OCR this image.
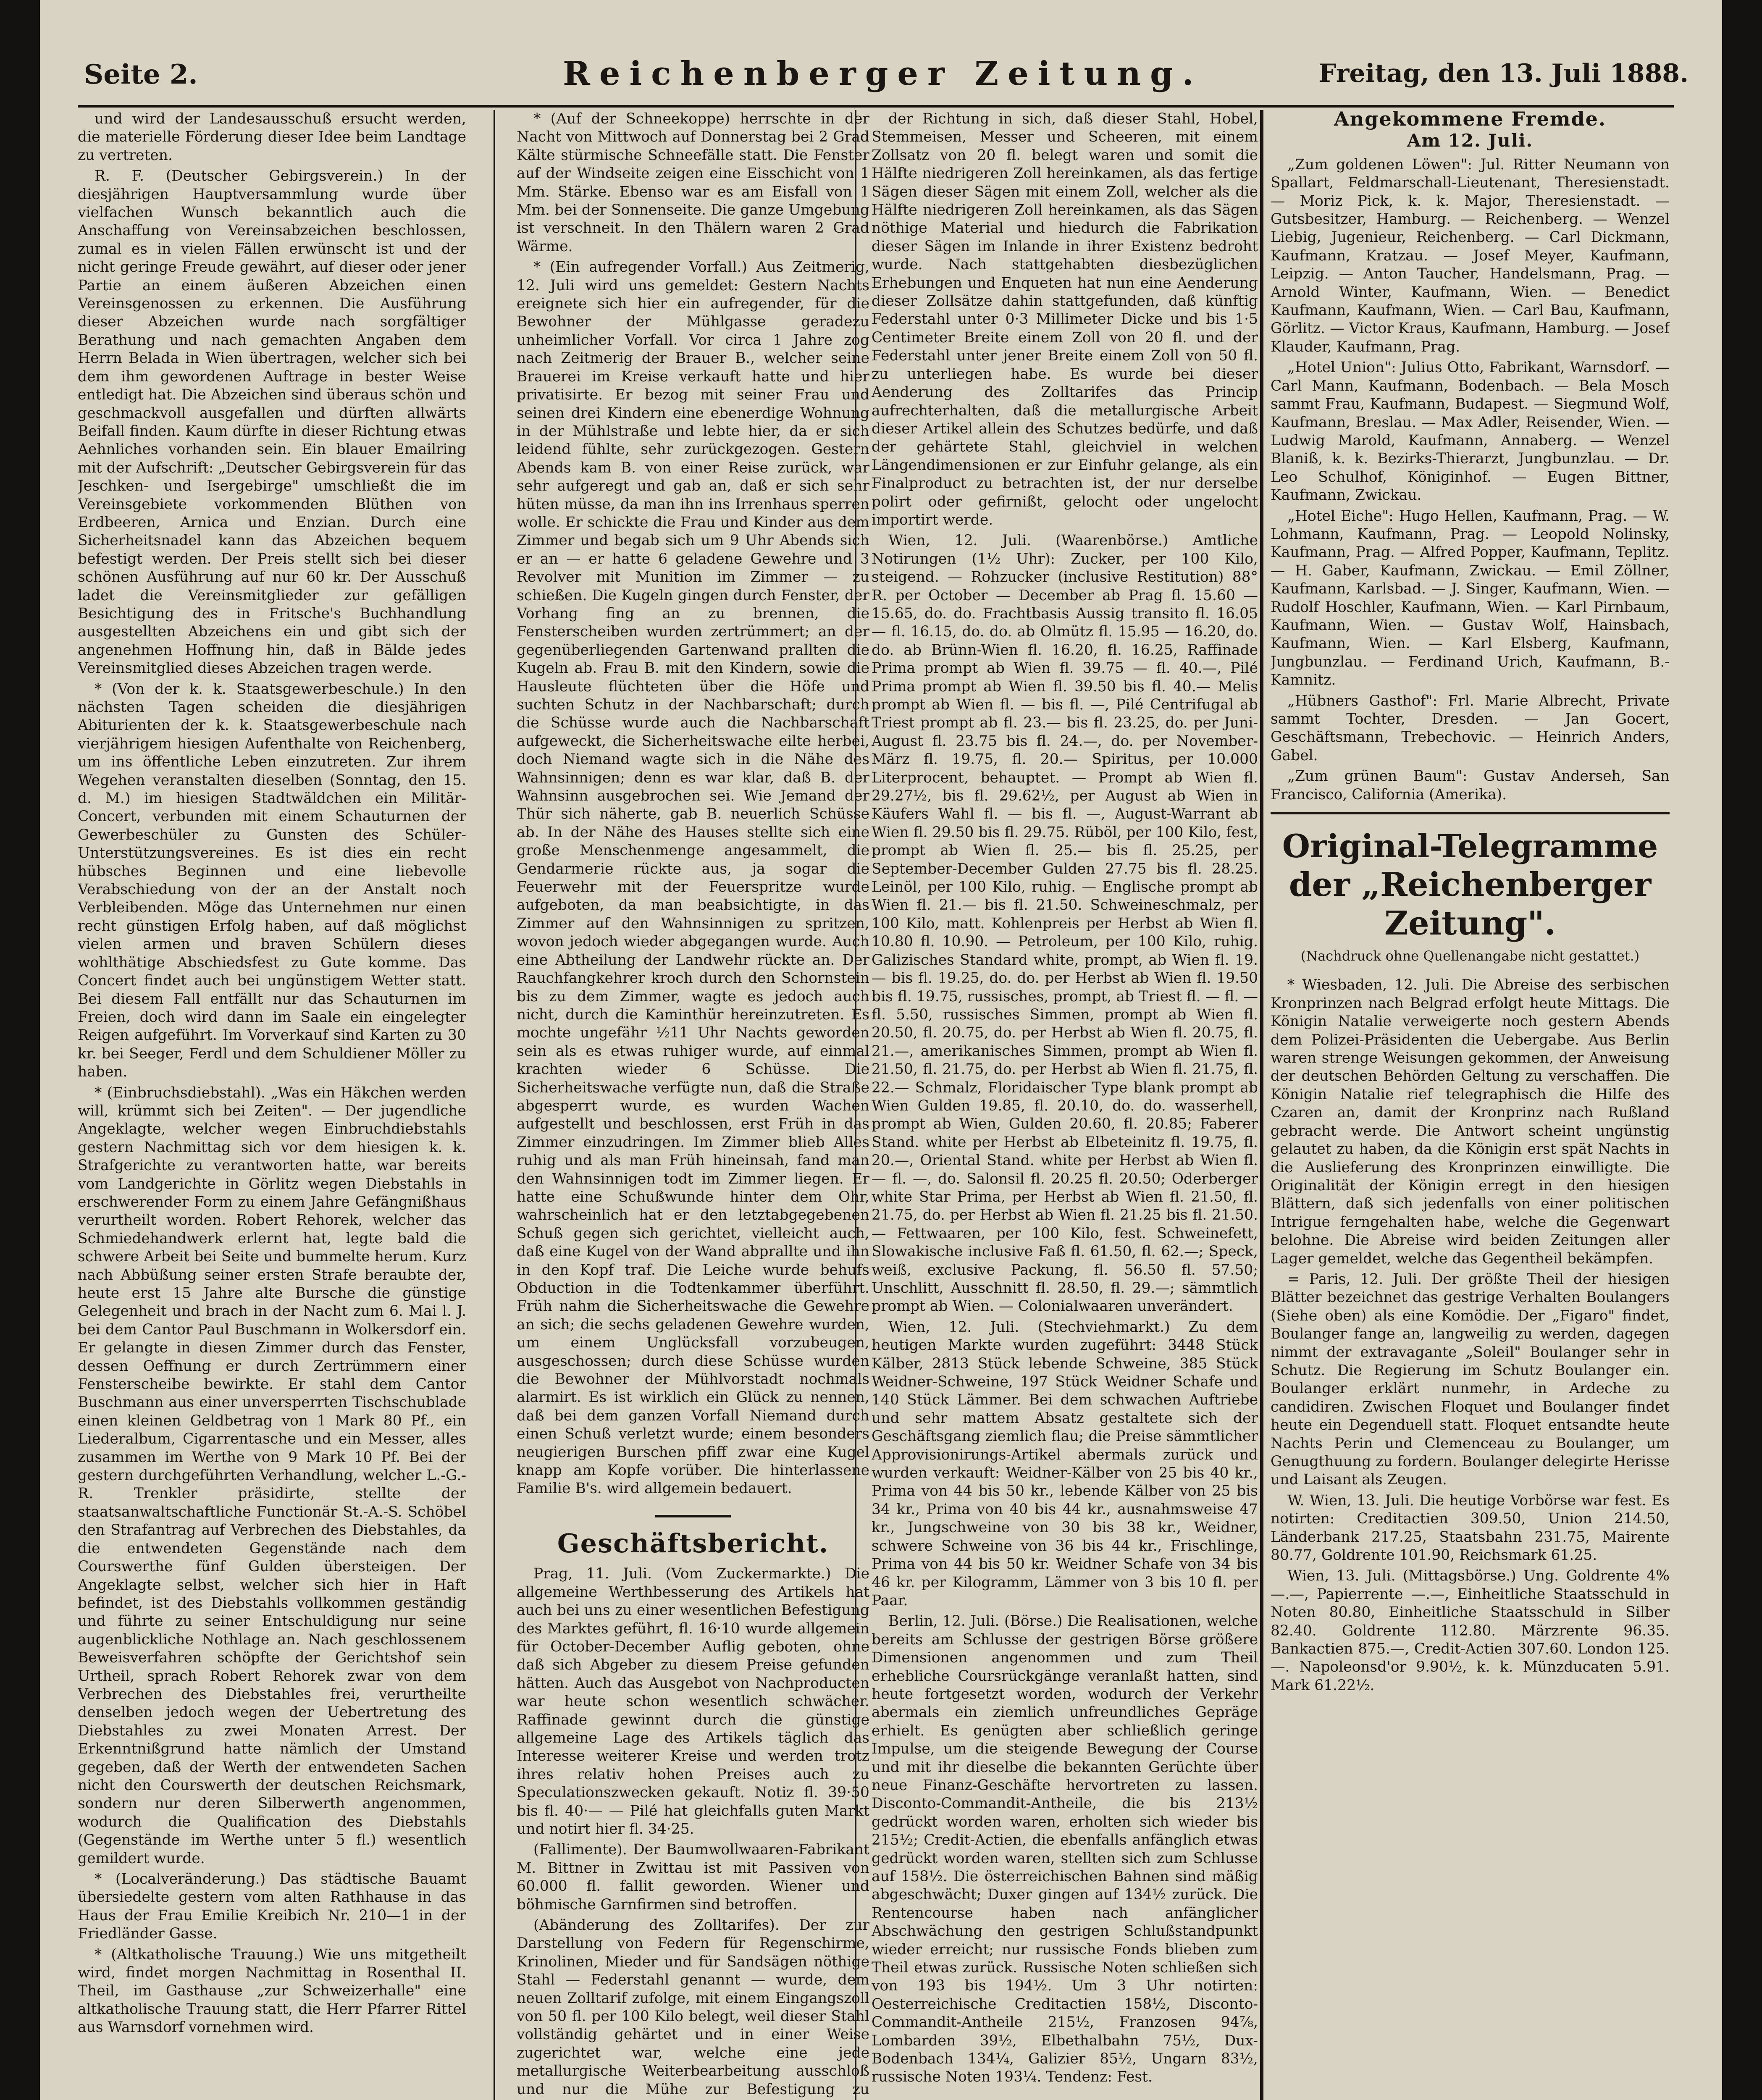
Seite 2.	Reichenberger Zeitung.	Freitag, den 13. Juli 1888.

und wird der Landesausschuß ersucht werden, die materielle Förderung dieser Idee beim Landtage zu vertreten.

R. F. (Deutscher Gebirgsverein.) In der diesjährigen Hauptversammlung wurde über vielfachen Wunsch bekanntlich auch die Anschaffung von Vereinsabzeichen beschlossen, zumal es in vielen Fällen erwünscht ist und der nicht geringe Freude gewährt, auf dieser oder jener Partie an einem äußeren Abzeichen einen Vereinsgenossen zu erkennen. Die Ausführung dieser Abzeichen wurde nach sorgfältiger Berathung und nach gemachten Angaben dem Herrn Belada in Wien übertragen, welcher sich bei dem ihm gewordenen Auftrage in bester Weise entledigt hat. Die Abzeichen sind überaus schön und geschmackvoll ausgefallen und dürften allwärts Beifall finden. Kaum dürfte in dieser Richtung etwas Aehnliches vorhanden sein. Ein blauer Emailring mit der Aufschrift: „Deutscher Gebirgsverein für das Jeschken- und Isergebirge" umschließt die im Vereinsgebiete vorkommenden Blüthen von Erdbeeren, Arnica und Enzian. Durch eine Sicherheitsnadel kann das Abzeichen bequem befestigt werden. Der Preis stellt sich bei dieser schönen Ausführung auf nur 60 kr. Der Ausschuß ladet die Vereinsmitglieder zur gefälligen Besichtigung des in Fritsche's Buchhandlung ausgestellten Abzeichens ein und gibt sich der angenehmen Hoffnung hin, daß in Bälde jedes Vereinsmitglied dieses Abzeichen tragen werde.

* (Von der k. k. Staatsgewerbeschule.) In den nächsten Tagen scheiden die diesjährigen Abiturienten der k. k. Staatsgewerbeschule nach vierjährigem hiesigen Aufenthalte von Reichenberg, um ins öffentliche Leben einzutreten. Zur ihrem Wegehen veranstalten dieselben (Sonntag, den 15. d. M.) im hiesigen Stadtwäldchen ein Militär-Concert, verbunden mit einem Schauturnen der Gewerbeschüler zu Gunsten des Schüler-Unterstützungsvereines. Es ist dies ein recht hübsches Beginnen und eine liebevolle Verabschiedung von der an der Anstalt noch Verbleibenden. Möge das Unternehmen nur einen recht günstigen Erfolg haben, auf daß möglichst vielen armen und braven Schülern dieses wohlthätige Abschiedsfest zu Gute komme. Das Concert findet auch bei ungünstigem Wetter statt. Bei diesem Fall entfällt nur das Schauturnen im Freien, doch wird dann im Saale ein eingelegter Reigen aufgeführt. Im Vorverkauf sind Karten zu 30 kr. bei Seeger, Ferdl und dem Schuldiener Möller zu haben.

* (Einbruchsdiebstahl). „Was ein Häkchen werden will, krümmt sich bei Zeiten". — Der jugendliche Angeklagte, welcher wegen Einbruchdiebstahls gestern Nachmittag sich vor dem hiesigen k. k. Strafgerichte zu verantworten hatte, war bereits vom Landgerichte in Görlitz wegen Diebstahls in erschwerender Form zu einem Jahre Gefängnißhaus verurtheilt worden. Robert Rehorek, welcher das Schmiedehandwerk erlernt hat, legte bald die schwere Arbeit bei Seite und bummelte herum. Kurz nach Abbüßung seiner ersten Strafe beraubte der, heute erst 15 Jahre alte Bursche die günstige Gelegenheit und brach in der Nacht zum 6. Mai l. J. bei dem Cantor Paul Buschmann in Wolkersdorf ein. Er gelangte in diesen Zimmer durch das Fenster, dessen Oeffnung er durch Zertrümmern einer Fensterscheibe bewirkte. Er stahl dem Cantor Buschmann aus einer unversperrten Tischschublade einen kleinen Geldbetrag von 1 Mark 80 Pf., ein Liederalbum, Cigarrentasche und ein Messer, alles zusammen im Werthe von 9 Mark 10 Pf. Bei der gestern durchgeführten Verhandlung, welcher L.-G.-R. Trenkler präsidirte, stellte der staatsanwaltschaftliche Functionär St.-A.-S. Schöbel den Strafantrag auf Verbrechen des Diebstahles, da die entwendeten Gegenstände nach dem Courswerthe fünf Gulden übersteigen. Der Angeklagte selbst, welcher sich hier in Haft befindet, ist des Diebstahls vollkommen geständig und führte zu seiner Entschuldigung nur seine augenblickliche Nothlage an. Nach geschlossenem Beweisverfahren schöpfte der Gerichtshof sein Urtheil, sprach Robert Rehorek zwar von dem Verbrechen des Diebstahles frei, verurtheilte denselben jedoch wegen der Uebertretung des Diebstahles zu zwei Monaten Arrest. Der Erkenntnißgrund hatte nämlich der Umstand gegeben, daß der Werth der entwendeten Sachen nicht den Courswerth der deutschen Reichsmark, sondern nur deren Silberwerth angenommen, wodurch die Qualification des Diebstahls (Gegenstände im Werthe unter 5 fl.) wesentlich gemildert wurde.

* (Localveränderung.) Das städtische Bauamt übersiedelte gestern vom alten Rathhause in das Haus der Frau Emilie Kreibich Nr. 210—1 in der Friedländer Gasse.

* (Altkatholische Trauung.) Wie uns mitgetheilt wird, findet morgen Nachmittag in Rosenthal II. Theil, im Gasthause „zur Schweizerhalle" eine altkatholische Trauung statt, die Herr Pfarrer Rittel aus Warnsdorf vornehmen wird.

* (Auf der Schneekoppe) herrschte in der Nacht von Mittwoch auf Donnerstag bei 2 Grad Kälte stürmische Schneefälle statt. Die Fenster auf der Windseite zeigen eine Eisschicht von 1 Mm. Stärke. Ebenso war es am Eisfall von 1 Mm. bei der Sonnenseite. Die ganze Umgebung ist verschneit. In den Thälern waren 2 Grad Wärme.

* (Ein aufregender Vorfall.) Aus Zeitmerig, 12. Juli wird uns gemeldet: Gestern Nachts ereignete sich hier ein aufregender, für die Bewohner der Mühlgasse geradezu unheimlicher Vorfall. Vor circa 1 Jahre zog nach Zeitmerig der Brauer B., welcher seine Brauerei im Kreise verkauft hatte und hier privatisirte. Er bezog mit seiner Frau und seinen drei Kindern eine ebenerdige Wohnung in der Mühlstraße und lebte hier, da er sich leidend fühlte, sehr zurückgezogen. Gestern Abends kam B. von einer Reise zurück, war sehr aufgeregt und gab an, daß er sich sehr hüten müsse, da man ihn ins Irrenhaus sperren wolle. Er schickte die Frau und Kinder aus dem Zimmer und begab sich um 9 Uhr Abends sich er an — er hatte 6 geladene Gewehre und 3 Revolver mit Munition im Zimmer — zu schießen. Die Kugeln gingen durch Fenster, der Vorhang fing an zu brennen, die Fensterscheiben wurden zertrümmert; an der gegenüberliegenden Gartenwand prallten die Kugeln ab. Frau B. mit den Kindern, sowie die Hausleute flüchteten über die Höfe und suchten Schutz in der Nachbarschaft; durch die Schüsse wurde auch die Nachbarschaft aufgeweckt, die Sicherheitswache eilte herbei, doch Niemand wagte sich in die Nähe des Wahnsinnigen; denn es war klar, daß B. der Wahnsinn ausgebrochen sei. Wie Jemand der Thür sich näherte, gab B. neuerlich Schüsse ab. In der Nähe des Hauses stellte sich eine große Menschenmenge angesammelt, die Gendarmerie rückte aus, ja sogar die Feuerwehr mit der Feuerspritze wurde aufgeboten, da man beabsichtigte, in das Zimmer auf den Wahnsinnigen zu spritzen, wovon jedoch wieder abgegangen wurde. Auch eine Abtheilung der Landwehr rückte an. Der Rauchfangkehrer kroch durch den Schornstein bis zu dem Zimmer, wagte es jedoch auch nicht, durch die Kaminthür hereinzutreten. Es mochte ungefähr ½11 Uhr Nachts geworden sein als es etwas ruhiger wurde, auf einmal krachten wieder 6 Schüsse. Die Sicherheitswache verfügte nun, daß die Straße abgesperrt wurde, es wurden Wachen aufgestellt und beschlossen, erst Früh in das Zimmer einzudringen. Im Zimmer blieb Alles ruhig und als man Früh hineinsah, fand man den Wahnsinnigen todt im Zimmer liegen. Er hatte eine Schußwunde hinter dem Ohr, wahrscheinlich hat er den letztabgegebenen Schuß gegen sich gerichtet, vielleicht auch, daß eine Kugel von der Wand abprallte und ihn in den Kopf traf. Die Leiche wurde behufs Obduction in die Todtenkammer überführt. Früh nahm die Sicherheitswache die Gewehre an sich; die sechs geladenen Gewehre wurden, um einem Unglücksfall vorzubeugen, ausgeschossen; durch diese Schüsse wurden die Bewohner der Mühlvorstadt nochmals alarmirt. Es ist wirklich ein Glück zu nennen, daß bei dem ganzen Vorfall Niemand durch einen Schuß verletzt wurde; einem besonders neugierigen Burschen pfiff zwar eine Kugel knapp am Kopfe vorüber. Die hinterlassene Familie B's. wird allgemein bedauert.

Geschäftsbericht.

Prag, 11. Juli. (Vom Zuckermarkte.) Die allgemeine Werthbesserung des Artikels hat auch bei uns zu einer wesentlichen Befestigung des Marktes geführt, fl. 16·10 wurde allgemein für October-December Auflig geboten, ohne daß sich Abgeber zu diesem Preise gefunden hätten. Auch das Ausgebot von Nachproducten war heute schon wesentlich schwächer. Raffinade gewinnt durch die günstige allgemeine Lage des Artikels täglich das Interesse weiterer Kreise und werden trotz ihres relativ hohen Preises auch zu Speculationszwecken gekauft. Notiz fl. 39·50 bis fl. 40·— — Pilé hat gleichfalls guten Markt und notirt hier fl. 34·25.

(Fallimente). Der Baumwollwaaren-Fabrikant M. Bittner in Zwittau ist mit Passiven von 60.000 fl. fallit geworden. Wiener und böhmische Garnfirmen sind betroffen.

(Abänderung des Zolltarifes). Der zur Darstellung von Federn für Regenschirme, Krinolinen, Mieder und für Sandsägen nöthige Stahl — Federstahl genannt — wurde, dem neuen Zolltarif zufolge, mit einem Eingangszoll von 50 fl. per 100 Kilo belegt, weil dieser Stahl vollständig gehärtet und in einer Weise zugerichtet war, welche eine jede metallurgische Weiterbearbeitung ausschloß und nur die Mühe zur Befestigung zu

der Richtung in sich, daß dieser Stahl, Hobel, Stemmeisen, Messer und Scheeren, mit einem Zollsatz von 20 fl. belegt waren und somit die Hälfte niedrigeren Zoll hereinkamen, als das fertige Sägen dieser Sägen mit einem Zoll, welcher als die Hälfte niedrigeren Zoll hereinkamen, als das Sägen nöthige Material und hiedurch die Fabrikation dieser Sägen im Inlande in ihrer Existenz bedroht wurde. Nach stattgehabten diesbezüglichen Erhebungen und Enqueten hat nun eine Aenderung dieser Zollsätze dahin stattgefunden, daß künftig Federstahl unter 0·3 Millimeter Dicke und bis 1·5 Centimeter Breite einem Zoll von 20 fl. und der Federstahl unter jener Breite einem Zoll von 50 fl. zu unterliegen habe. Es wurde bei dieser Aenderung des Zolltarifes das Princip aufrechterhalten, daß die metallurgische Arbeit dieser Artikel allein des Schutzes bedürfe, und daß der gehärtete Stahl, gleichviel in welchen Längendimensionen er zur Einfuhr gelange, als ein Finalproduct zu betrachten ist, der nur derselbe polirt oder gefirnißt, gelocht oder ungelocht importirt werde.

Wien, 12. Juli. (Waarenbörse.) Amtliche Notirungen (1½ Uhr): Zucker, per 100 Kilo, steigend. — Rohzucker (inclusive Restitution) 88° R. per October — December ab Prag fl. 15.60 — 15.65, do. do. Frachtbasis Aussig transito fl. 16.05 — fl. 16.15, do. do. ab Olmütz fl. 15.95 — 16.20, do. do. ab Brünn-Wien fl. 16.20, fl. 16.25, Raffinade Prima prompt ab Wien fl. 39.75 — fl. 40.—, Pilé Prima prompt ab Wien fl. 39.50 bis fl. 40.— Melis prompt ab Wien fl. — bis fl. —, Pilé Centrifugal ab Triest prompt ab fl. 23.— bis fl. 23.25, do. per Juni-August fl. 23.75 bis fl. 24.—, do. per November-März fl. 19.75, fl. 20.— Spiritus, per 10.000 Literprocent, behauptet. — Prompt ab Wien fl. 29.27½, bis fl. 29.62½, per August ab Wien in Käufers Wahl fl. — bis fl. —, August-Warrant ab Wien fl. 29.50 bis fl. 29.75. Rüböl, per 100 Kilo, fest, prompt ab Wien fl. 25.— bis fl. 25.25, per September-December Gulden 27.75 bis fl. 28.25. Leinöl, per 100 Kilo, ruhig. — Englische prompt ab Wien fl. 21.— bis fl. 21.50. Schweineschmalz, per 100 Kilo, matt. Kohlenpreis per Herbst ab Wien fl. 10.80 fl. 10.90. — Petroleum, per 100 Kilo, ruhig. Galizisches Standard white, prompt, ab Wien fl. 19.— bis fl. 19.25, do. do. per Herbst ab Wien fl. 19.50 bis fl. 19.75, russisches, prompt, ab Triest fl. — fl. — fl. 5.50, russisches Simmen, prompt ab Wien fl. 20.50, fl. 20.75, do. per Herbst ab Wien fl. 20.75, fl. 21.—, amerikanisches Simmen, prompt ab Wien fl. 21.50, fl. 21.75, do. per Herbst ab Wien fl. 21.75, fl. 22.— Schmalz, Floridaischer Type blank prompt ab Wien Gulden 19.85, fl. 20.10, do. do. wasserhell, prompt ab Wien, Gulden 20.60, fl. 20.85; Faberer Stand. white per Herbst ab Elbeteinitz fl. 19.75, fl. 20.—, Oriental Stand. white per Herbst ab Wien fl. — fl. —, do. Salonsil fl. 20.25 fl. 20.50; Oderberger white Star Prima, per Herbst ab Wien fl. 21.50, fl. 21.75, do. per Herbst ab Wien fl. 21.25 bis fl. 21.50. — Fettwaaren, per 100 Kilo, fest. Schweinefett, Slowakische inclusive Faß fl. 61.50, fl. 62.—; Speck, weiß, exclusive Packung, fl. 56.50 fl. 57.50; Unschlitt, Ausschnitt fl. 28.50, fl. 29.—; sämmtlich prompt ab Wien. — Colonialwaaren unverändert.

Wien, 12. Juli. (Stechviehmarkt.) Zu dem heutigen Markte wurden zugeführt: 3448 Stück Kälber, 2813 Stück lebende Schweine, 385 Stück Weidner-Schweine, 197 Stück Weidner Schafe und 140 Stück Lämmer. Bei dem schwachen Auftriebe und sehr mattem Absatz gestaltete sich der Geschäftsgang ziemlich flau; die Preise sämmtlicher Approvisionirungs-Artikel abermals zurück und wurden verkauft: Weidner-Kälber von 25 bis 40 kr., Prima von 44 bis 50 kr., lebende Kälber von 25 bis 34 kr., Prima von 40 bis 44 kr., ausnahmsweise 47 kr., Jungschweine von 30 bis 38 kr., Weidner, schwere Schweine von 36 bis 44 kr., Frischlinge, Prima von 44 bis 50 kr. Weidner Schafe von 34 bis 46 kr. per Kilogramm, Lämmer von 3 bis 10 fl. per Paar.

Berlin, 12. Juli. (Börse.) Die Realisationen, welche bereits am Schlusse der gestrigen Börse größere Dimensionen angenommen und zum Theil erhebliche Coursrückgänge veranlaßt hatten, sind heute fortgesetzt worden, wodurch der Verkehr abermals ein ziemlich unfreundliches Gepräge erhielt. Es genügten aber schließlich geringe Impulse, um die steigende Bewegung der Course und mit ihr dieselbe die bekannten Gerüchte über neue Finanz-Geschäfte hervortreten zu lassen. Disconto-Commandit-Antheile, die bis 213½ gedrückt worden waren, erholten sich wieder bis 215½; Credit-Actien, die ebenfalls anfänglich etwas gedrückt worden waren, stellten sich zum Schlusse auf 158½. Die österreichischen Bahnen sind mäßig abgeschwächt; Duxer gingen auf 134½ zurück. Die Rentencourse haben nach anfänglicher Abschwächung den gestrigen Schlußstandpunkt wieder erreicht; nur russische Fonds blieben zum Theil etwas zurück. Russische Noten schließen sich von 193 bis 194½. Um 3 Uhr notirten: Oesterreichische Creditactien 158½, Disconto-Commandit-Antheile 215½, Franzosen 94⅞, Lombarden 39½, Elbethalbahn 75½, Dux-Bodenbach 134¼, Galizier 85½, Ungarn 83½, russische Noten 193¼. Tendenz: Fest.

Angekommene Fremde.
Am 12. Juli.

„Zum goldenen Löwen": Jul. Ritter Neumann von Spallart, Feldmarschall-Lieutenant, Theresienstadt. — Moriz Pick, k. k. Major, Theresienstadt. — Gutsbesitzer, Hamburg. — Reichenberg. — Wenzel Liebig, Jugenieur, Reichenberg. — Carl Dickmann, Kaufmann, Kratzau. — Josef Meyer, Kaufmann, Leipzig. — Anton Taucher, Handelsmann, Prag. — Arnold Winter, Kaufmann, Wien. — Benedict Kaufmann, Kaufmann, Wien. — Carl Bau, Kaufmann, Görlitz. — Victor Kraus, Kaufmann, Hamburg. — Josef Klauder, Kaufmann, Prag.

„Hotel Union": Julius Otto, Fabrikant, Warnsdorf. — Carl Mann, Kaufmann, Bodenbach. — Bela Mosch sammt Frau, Kaufmann, Budapest. — Siegmund Wolf, Kaufmann, Breslau. — Max Adler, Reisender, Wien. — Ludwig Marold, Kaufmann, Annaberg. — Wenzel Blaniß, k. k. Bezirks-Thierarzt, Jungbunzlau. — Dr. Leo Schulhof, Königinhof. — Eugen Bittner, Kaufmann, Zwickau.

„Hotel Eiche": Hugo Hellen, Kaufmann, Prag. — W. Lohmann, Kaufmann, Prag. — Leopold Nolinsky, Kaufmann, Prag. — Alfred Popper, Kaufmann, Teplitz. — H. Gaber, Kaufmann, Zwickau. — Emil Zöllner, Kaufmann, Karlsbad. — J. Singer, Kaufmann, Wien. — Rudolf Hoschler, Kaufmann, Wien. — Karl Pirnbaum, Kaufmann, Wien. — Gustav Wolf, Hainsbach, Kaufmann, Wien. — Karl Elsberg, Kaufmann, Jungbunzlau. — Ferdinand Urich, Kaufmann, B.-Kamnitz.

„Hübners Gasthof": Frl. Marie Albrecht, Private sammt Tochter, Dresden. — Jan Gocert, Geschäftsmann, Trebechovic. — Heinrich Anders, Gabel.

„Zum grünen Baum": Gustav Anderseh, San Francisco, California (Amerika).

Original-Telegramme
der „Reichenberger Zeitung".
(Nachdruck ohne Quellenangabe nicht gestattet.)

* Wiesbaden, 12. Juli. Die Abreise des serbischen Kronprinzen nach Belgrad erfolgt heute Mittags. Die Königin Natalie verweigerte noch gestern Abends dem Polizei-Präsidenten die Uebergabe. Aus Berlin waren strenge Weisungen gekommen, der Anweisung der deutschen Behörden Geltung zu verschaffen. Die Königin Natalie rief telegraphisch die Hilfe des Czaren an, damit der Kronprinz nach Rußland gebracht werde. Die Antwort scheint ungünstig gelautet zu haben, da die Königin erst spät Nachts in die Auslieferung des Kronprinzen einwilligte. Die Originalität der Königin erregt in den hiesigen Blättern, daß sich jedenfalls von einer politischen Intrigue ferngehalten habe, welche die Gegenwart belohne. Die Abreise wird beiden Zeitungen aller Lager gemeldet, welche das Gegentheil bekämpfen.

= Paris, 12. Juli. Der größte Theil der hiesigen Blätter bezeichnet das gestrige Verhalten Boulangers (Siehe oben) als eine Komödie. Der „Figaro" findet, Boulanger fange an, langweilig zu werden, dagegen nimmt der extravagante „Soleil" Boulanger sehr in Schutz. Die Regierung im Schutz Boulanger ein. Boulanger erklärt nunmehr, in Ardeche zu candidiren. Zwischen Floquet und Boulanger findet heute ein Degenduell statt. Floquet entsandte heute Nachts Perin und Clemenceau zu Boulanger, um Genugthuung zu fordern. Boulanger delegirte Herisse und Laisant als Zeugen.

W. Wien, 13. Juli. Die heutige Vorbörse war fest. Es notirten: Creditactien 309.50, Union 214.50, Länderbank 217.25, Staatsbahn 231.75, Mairente 80.77, Goldrente 101.90, Reichsmark 61.25.

Wien, 13. Juli. (Mittagsbörse.) Ung. Goldrente 4% —.—, Papierrente —.—, Einheitliche Staatsschuld in Noten 80.80, Einheitliche Staatsschuld in Silber 82.40. Goldrente 112.80. Märzrente 96.35. Bankactien 875.—, Credit-Actien 307.60. London 125.—. Napoleonsd'or 9.90½, k. k. Münzducaten 5.91. Mark 61.22½.
